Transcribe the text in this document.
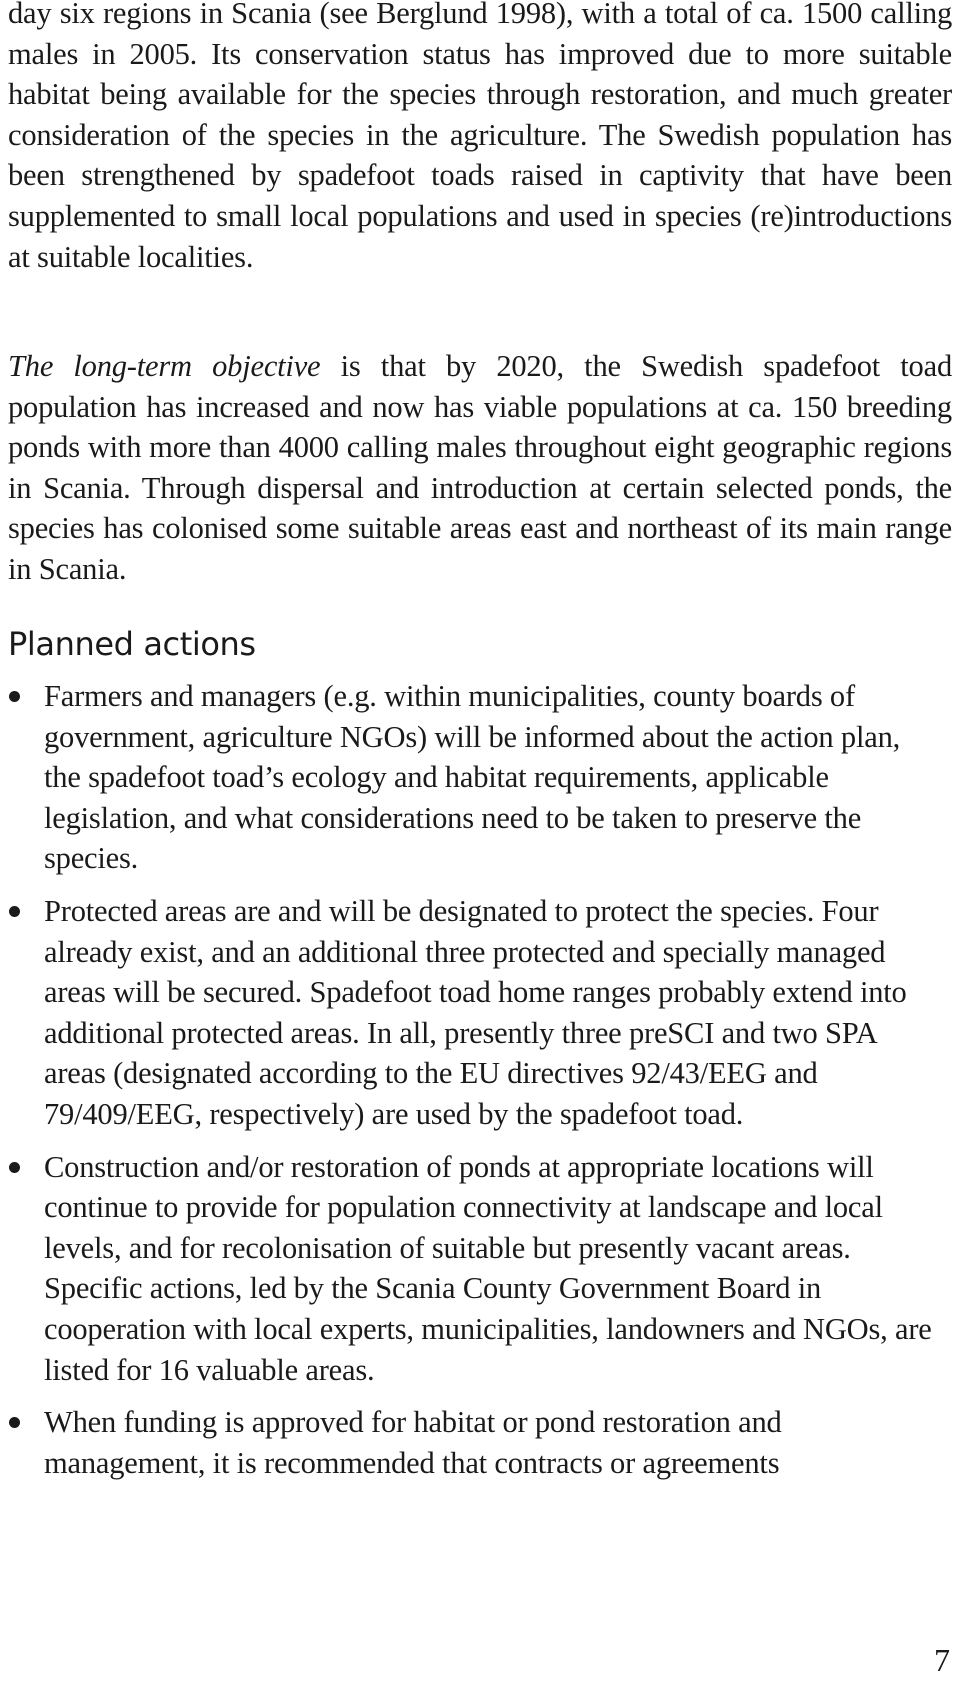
day six regions in Scania (see Berglund 1998), with a total of ca. 1500 calling males in 2005. Its conservation status has improved due to more suitable habitat being available for the species through restoration, and much greater consideration of the species in the agriculture. The Swedish population has been strengthened by spadefoot toads raised in captivity that have been supplemented to small local populations and used in species (re)introductions at suitable localities.

The long-term objective is that by 2020, the Swedish spadefoot toad population has increased and now has viable populations at ca. 150 breeding ponds with more than 4000 calling males throughout eight geographic regions in Scania. Through dispersal and introduction at certain selected ponds, the species has colonised some suitable areas east and northeast of its main range in Scania.

Planned actions
Farmers and managers (e.g. within municipalities, county boards of government, agriculture NGOs) will be informed about the action plan, the spadefoot toad’s ecology and habitat requirements, applicable legislation, and what considerations need to be taken to preserve the species.
Protected areas are and will be designated to protect the species. Four already exist, and an additional three protected and specially managed areas will be secured. Spadefoot toad home ranges probably extend into additional protected areas. In all, presently three preSCI and two SPA areas (designated according to the EU directives 92/43/EEG and 79/409/EEG, respectively) are used by the spadefoot toad.
Construction and/or restoration of ponds at appropriate locations will continue to provide for population connectivity at landscape and local levels, and for recolonisation of suitable but presently vacant areas. Specific actions, led by the Scania County Government Board in cooperation with local experts, municipalities, landowners and NGOs, are listed for 16 valuable areas.
When funding is approved for habitat or pond restoration and management, it is recommended that contracts or agreements

7
